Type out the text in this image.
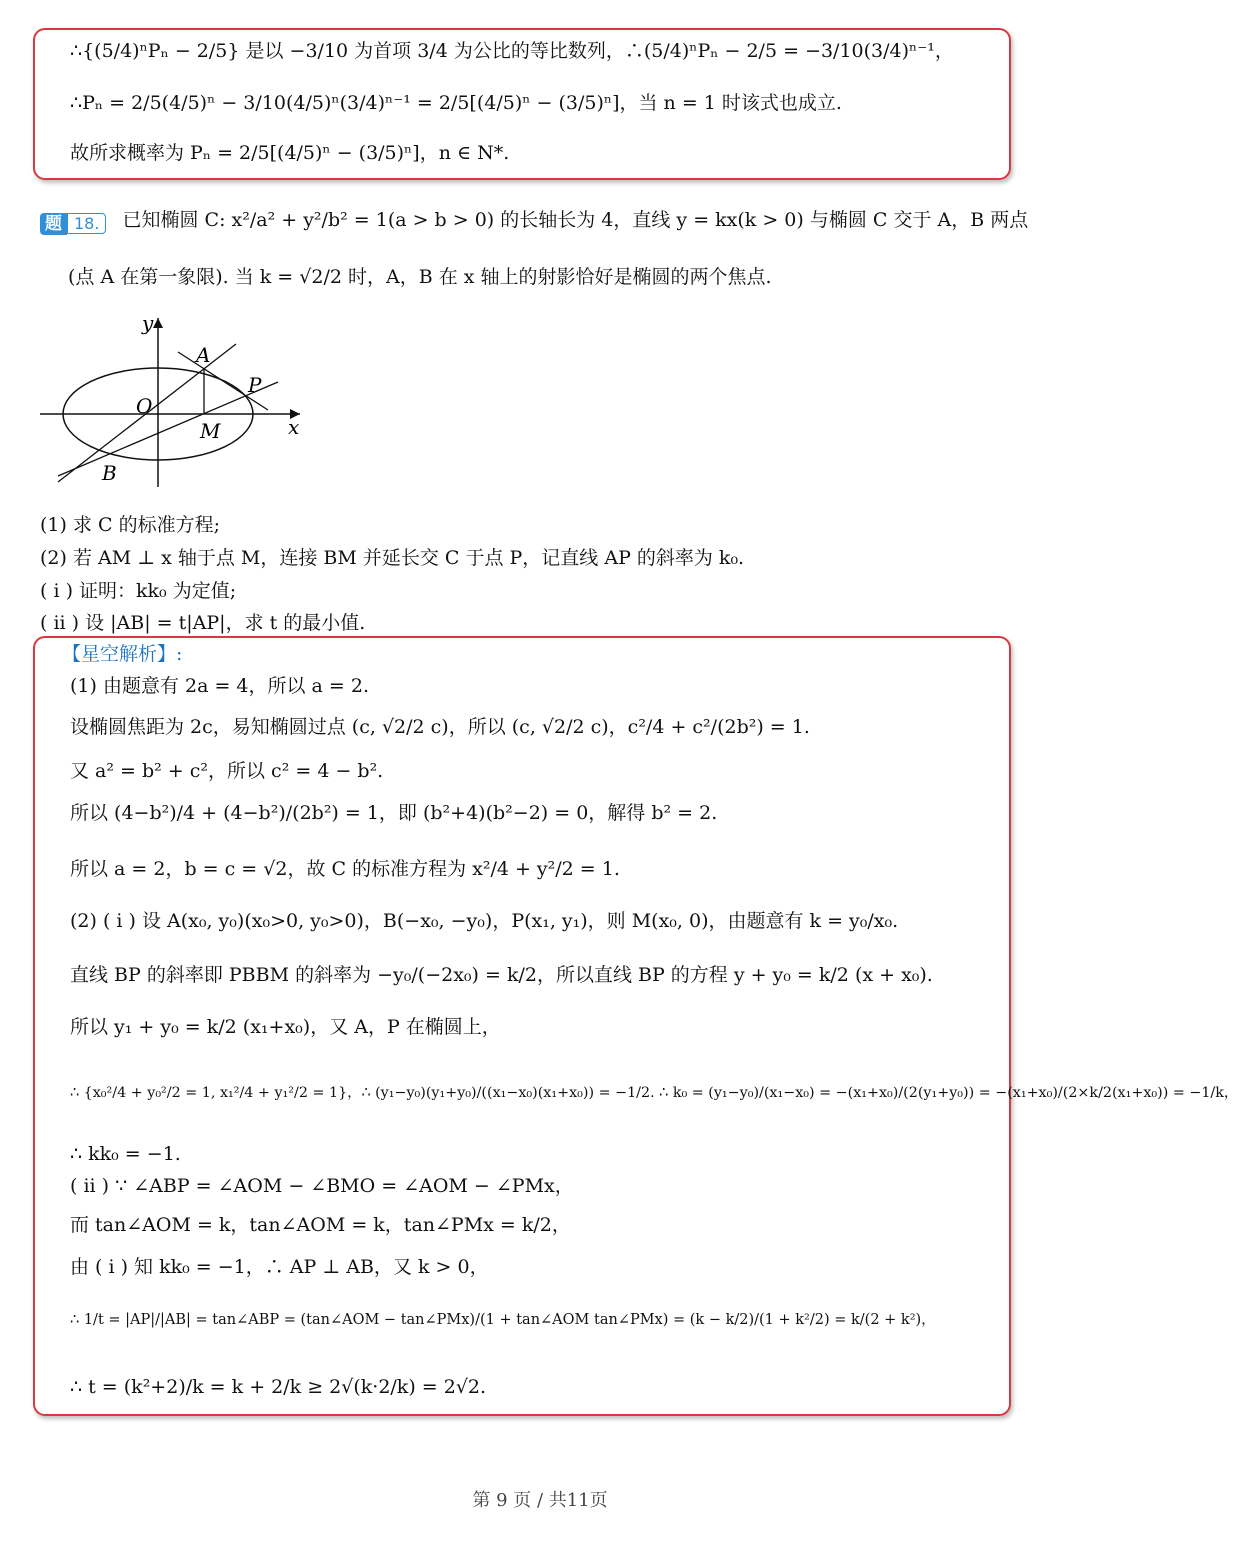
∴{(5/4)ⁿPₙ − 2/5} 是以 −3/10 为首项 3/4 为公比的等比数列，∴(5/4)ⁿPₙ − 2/5 = −3/10(3/4)ⁿ⁻¹，
∴Pₙ = 2/5(4/5)ⁿ − 3/10(4/5)ⁿ(3/4)ⁿ⁻¹ = 2/5[(4/5)ⁿ − (3/5)ⁿ]，当 n = 1 时该式也成立.
故所求概率为 Pₙ = 2/5[(4/5)ⁿ − (3/5)ⁿ]，n ∈ N*.
题 18. 已知椭圆 C: x²/a² + y²/b² = 1(a > b > 0) 的长轴长为 4，直线 y = kx(k > 0) 与椭圆 C 交于 A，B 两点
(点 A 在第一象限). 当 k = √2/2 时，A，B 在 x 轴上的射影恰好是椭圆的两个焦点.
y
x
O
A
P
M
B
(1) 求 C 的标准方程;
(2) 若 AM ⊥ x 轴于点 M，连接 BM 并延长交 C 于点 P，记直线 AP 的斜率为 k₀.
( i ) 证明：kk₀ 为定值;
( ii ) 设 |AB| = t|AP|，求 t 的最小值.
【星空解析】:
(1) 由题意有 2a = 4，所以 a = 2.
设椭圆焦距为 2c，易知椭圆过点 (c, √2/2 c)，所以 (c, √2/2 c)，c²/4 + c²/(2b²) = 1.
又 a² = b² + c²，所以 c² = 4 − b².
所以 (4−b²)/4 + (4−b²)/(2b²) = 1，即 (b²+4)(b²−2) = 0，解得 b² = 2.
所以 a = 2，b = c = √2，故 C 的标准方程为 x²/4 + y²/2 = 1.
(2) ( i ) 设 A(x₀, y₀)(x₀>0, y₀>0)，B(−x₀, −y₀)，P(x₁, y₁)，则 M(x₀, 0)，由题意有 k = y₀/x₀.
直线 BP 的斜率即 PBBM 的斜率为 −y₀/(−2x₀) = k/2，所以直线 BP 的方程 y + y₀ = k/2 (x + x₀).
所以 y₁ + y₀ = k/2 (x₁+x₀)，又 A，P 在椭圆上，
∴ {x₀²/4 + y₀²/2 = 1, x₁²/4 + y₁²/2 = 1}，∴ (y₁−y₀)(y₁+y₀)/((x₁−x₀)(x₁+x₀)) = −1/2. ∴ k₀ = (y₁−y₀)/(x₁−x₀) = −(x₁+x₀)/(2(y₁+y₀)) = −(x₁+x₀)/(2×k/2(x₁+x₀)) = −1/k，
∴ kk₀ = −1.
( ii ) ∵ ∠ABP = ∠AOM − ∠BMO = ∠AOM − ∠PMx，
而 tan∠AOM = k，tan∠AOM = k，tan∠PMx = k/2，
由 ( i ) 知 kk₀ = −1，∴ AP ⊥ AB，又 k > 0，
∴ 1/t = |AP|/|AB| = tan∠ABP = (tan∠AOM − tan∠PMx)/(1 + tan∠AOM tan∠PMx) = (k − k/2)/(1 + k²/2) = k/(2 + k²)，
∴ t = (k²+2)/k = k + 2/k ≥ 2√(k·2/k) = 2√2.
第 9 页 / 共11页
